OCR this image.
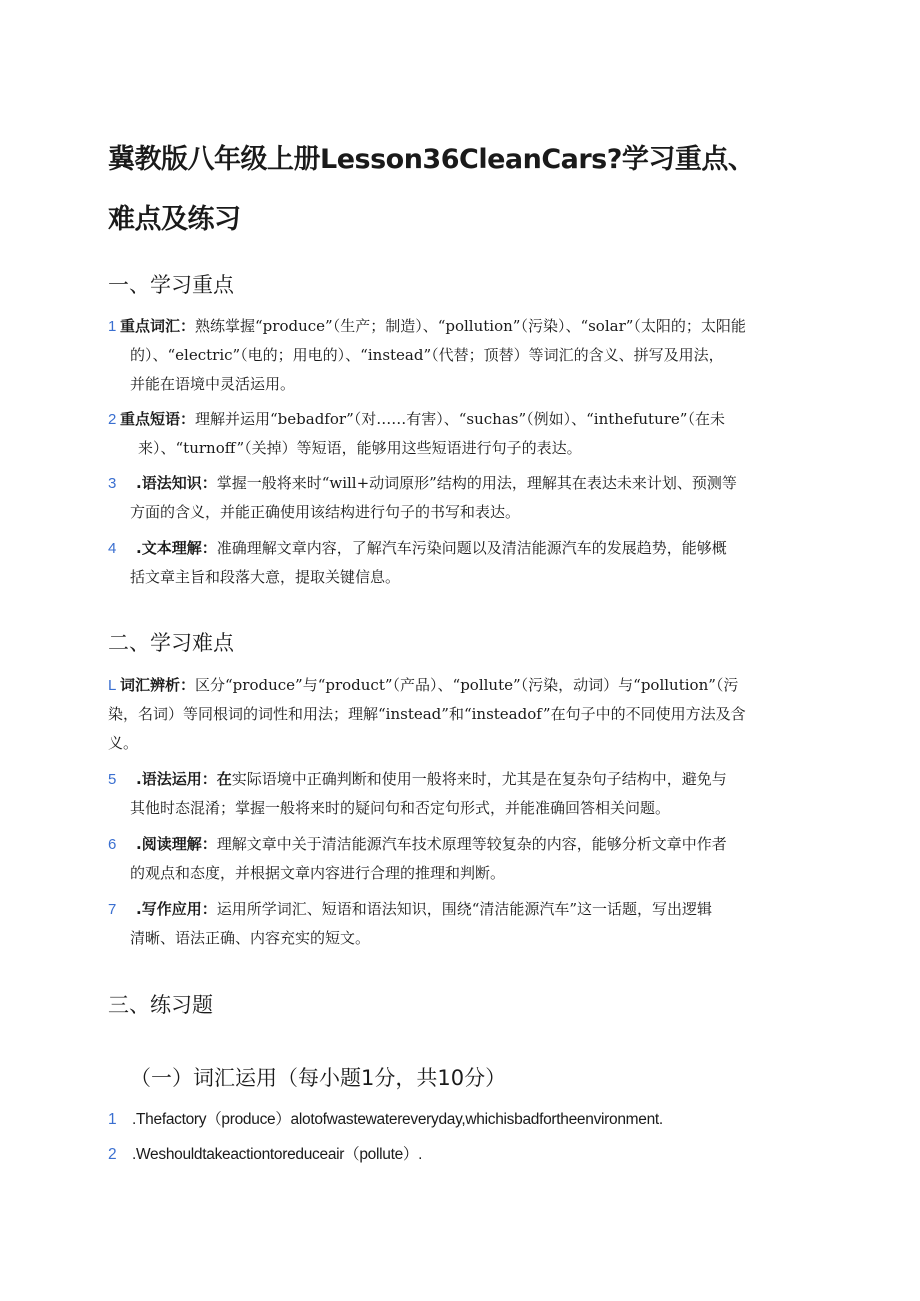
冀教版八年级上册Lesson36CleanCars?学习重点、
难点及练习
一、学习重点
1 重点词汇：熟练掌握“produce”（生产；制造）、“pollution”（污染）、“solar”（太阳的；太阳能
的）、“electric”（电的；用电的）、“instead”（代替；顶替）等词汇的含义、拼写及用法，
并能在语境中灵活运用。
2 重点短语：理解并运用“bebadfor”（对……有害）、“suchas”（例如）、“inthefuture”（在未
来）、“turnoff”（关掉）等短语，能够用这些短语进行句子的表达。
3 .语法知识：掌握一般将来时“will+动词原形”结构的用法，理解其在表达未来计划、预测等
方面的含义，并能正确使用该结构进行句子的书写和表达。
4 .文本理解：准确理解文章内容，了解汽车污染问题以及清洁能源汽车的发展趋势，能够概
括文章主旨和段落大意，提取关键信息。
二、学习难点
L 词汇辨析：区分“produce”与“product”（产品）、“pollute”（污染，动词）与“pollution”（污
染，名词）等同根词的词性和用法；理解“instead”和“insteadof”在句子中的不同使用方法及含
义。
5 .语法运用：在实际语境中正确判断和使用一般将来时，尤其是在复杂句子结构中，避免与
其他时态混淆；掌握一般将来时的疑问句和否定句形式，并能准确回答相关问题。
6 .阅读理解：理解文章中关于清洁能源汽车技术原理等较复杂的内容，能够分析文章中作者
的观点和态度，并根据文章内容进行合理的推理和判断。
7 .写作应用：运用所学词汇、短语和语法知识，围绕“清洁能源汽车”这一话题，写出逻辑
清晰、语法正确、内容充实的短文。
三、练习题
（一）词汇运用（每小题1分，共10分）
1 .Thefactory（produce）alotofwastewatereveryday,whichisbadfortheenvironment.
2 .Weshouldtakeactiontoreduceair（pollute）.
